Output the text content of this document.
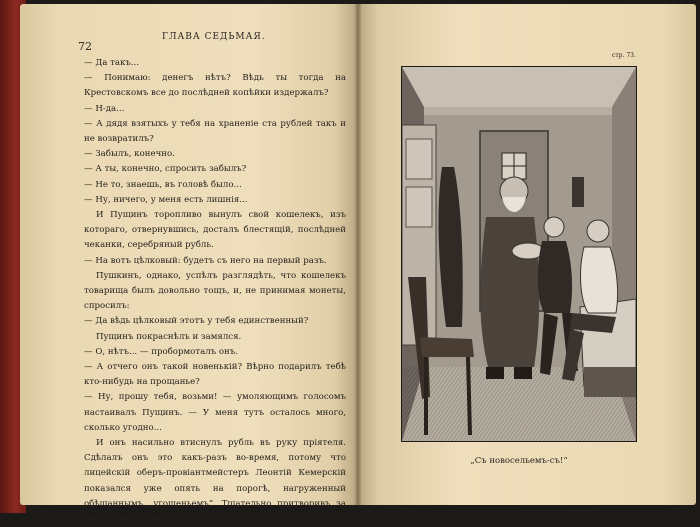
72
ГЛАВА СЕДЬМАЯ.

— Да такъ...

— Понимаю: денегъ нѣтъ? Вѣдь ты тогда на Крестовскомъ все до послѣдней копѣйки издержалъ?

— Н-да...

— А дядя взятыхъ у тебя на храненіе ста рублей такъ и не возвратилъ?

— Забылъ, конечно.

— А ты, конечно, спросить забылъ?

— Не то, знаешь, въ головѣ было...

— Ну, ничего, у меня есть лишнія...

И Пущинъ торопливо вынулъ свой кошелекъ, изъ котораго, отвернувшись, досталъ блестящій, послѣдней чеканки, серебряный рубль.

— На вотъ цѣлковый: будетъ съ него на первый разъ.

Пушкинъ, однако, успѣлъ разглядѣть, что кошелекъ товарища былъ довольно тощъ, и, не принимая монеты, спросилъ:

— Да вѣдь цѣлковый этотъ у тебя единственный?

Пущинъ покраснѣлъ и замялся.

— О, нѣтъ... — пробормоталъ онъ.

— А отчего онъ такой новенькій? Вѣрно подарилъ тебѣ кто-нибудь на прощанье?

— Ну, прошу тебя, возьми! — умоляющимъ голосомъ настаивалъ Пущинъ. — У меня тутъ осталось много, сколько угодно...

И онъ насильно втиснулъ рубль въ руку пріятеля. Сдѣлалъ онъ это какъ-разъ во-время, потому что лицейскій оберъ-провіантмейстеръ Леонтій Кемерскій показался уже опять на порогѣ, нагруженный обѣщаннымъ „угощеньемъ“. Тщательно притворивъ за собою дверь, онъ отвѣсилъ Пушкину поклонъ въ поясъ.

стр. 73.
„Съ новосельемъ-съ!“
